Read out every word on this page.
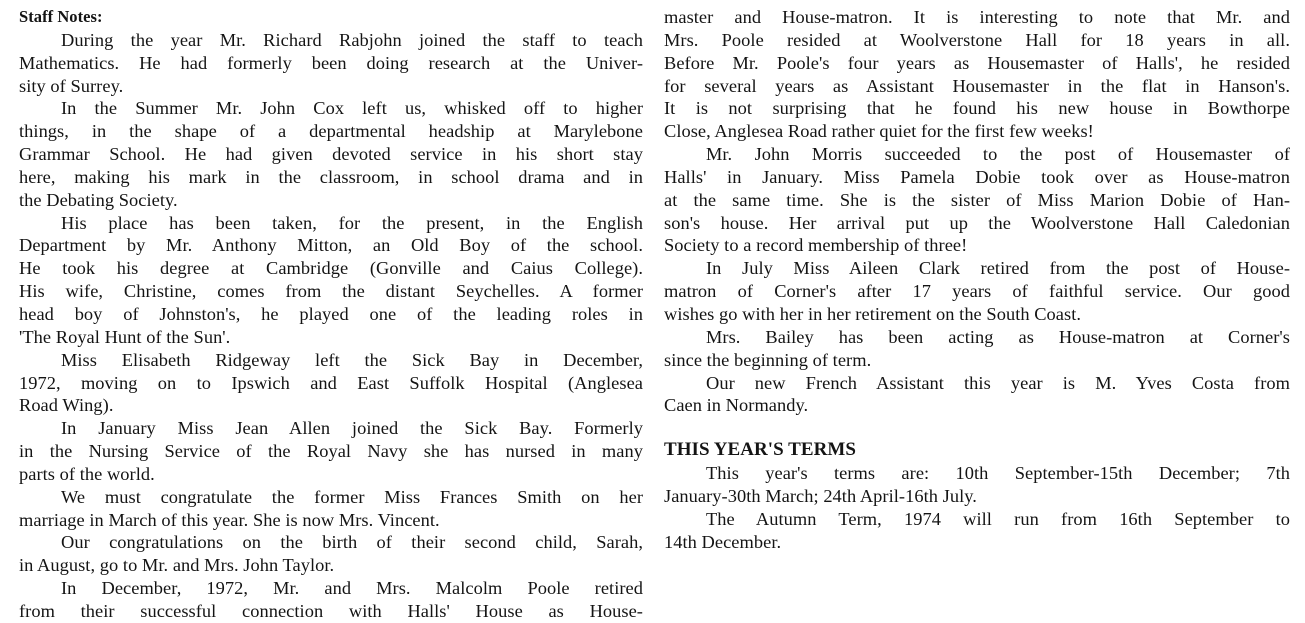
Staff Notes:
During the year Mr. Richard Rabjohn joined the staff to teach
Mathematics. He had formerly been doing research at the Univer-
sity of Surrey.
In the Summer Mr. John Cox left us, whisked off to higher
things, in the shape of a departmental headship at Marylebone
Grammar School. He had given devoted service in his short stay
here, making his mark in the classroom, in school drama and in
the Debating Society.
His place has been taken, for the present, in the English
Department by Mr. Anthony Mitton, an Old Boy of the school.
He took his degree at Cambridge (Gonville and Caius College).
His wife, Christine, comes from the distant Seychelles. A former
head boy of Johnston's, he played one of the leading roles in
'The Royal Hunt of the Sun'.
Miss Elisabeth Ridgeway left the Sick Bay in December,
1972, moving on to Ipswich and East Suffolk Hospital (Anglesea
Road Wing).
In January Miss Jean Allen joined the Sick Bay. Formerly
in the Nursing Service of the Royal Navy she has nursed in many
parts of the world.
We must congratulate the former Miss Frances Smith on her
marriage in March of this year. She is now Mrs. Vincent.
Our congratulations on the birth of their second child, Sarah,
in August, go to Mr. and Mrs. John Taylor.
In December, 1972, Mr. and Mrs. Malcolm Poole retired
from their successful connection with Halls' House as House-
master and House-matron. It is interesting to note that Mr. and
Mrs. Poole resided at Woolverstone Hall for 18 years in all.
Before Mr. Poole's four years as Housemaster of Halls', he resided
for several years as Assistant Housemaster in the flat in Hanson's.
It is not surprising that he found his new house in Bowthorpe
Close, Anglesea Road rather quiet for the first few weeks!
Mr. John Morris succeeded to the post of Housemaster of
Halls' in January. Miss Pamela Dobie took over as House-matron
at the same time. She is the sister of Miss Marion Dobie of Han-
son's house. Her arrival put up the Woolverstone Hall Caledonian
Society to a record membership of three!
In July Miss Aileen Clark retired from the post of House-
matron of Corner's after 17 years of faithful service. Our good
wishes go with her in her retirement on the South Coast.
Mrs. Bailey has been acting as House-matron at Corner's
since the beginning of term.
Our new French Assistant this year is M. Yves Costa from
Caen in Normandy.
THIS YEAR'S TERMS
This year's terms are: 10th September-15th December; 7th
January-30th March; 24th April-16th July.
The Autumn Term, 1974 will run from 16th September to
14th December.
